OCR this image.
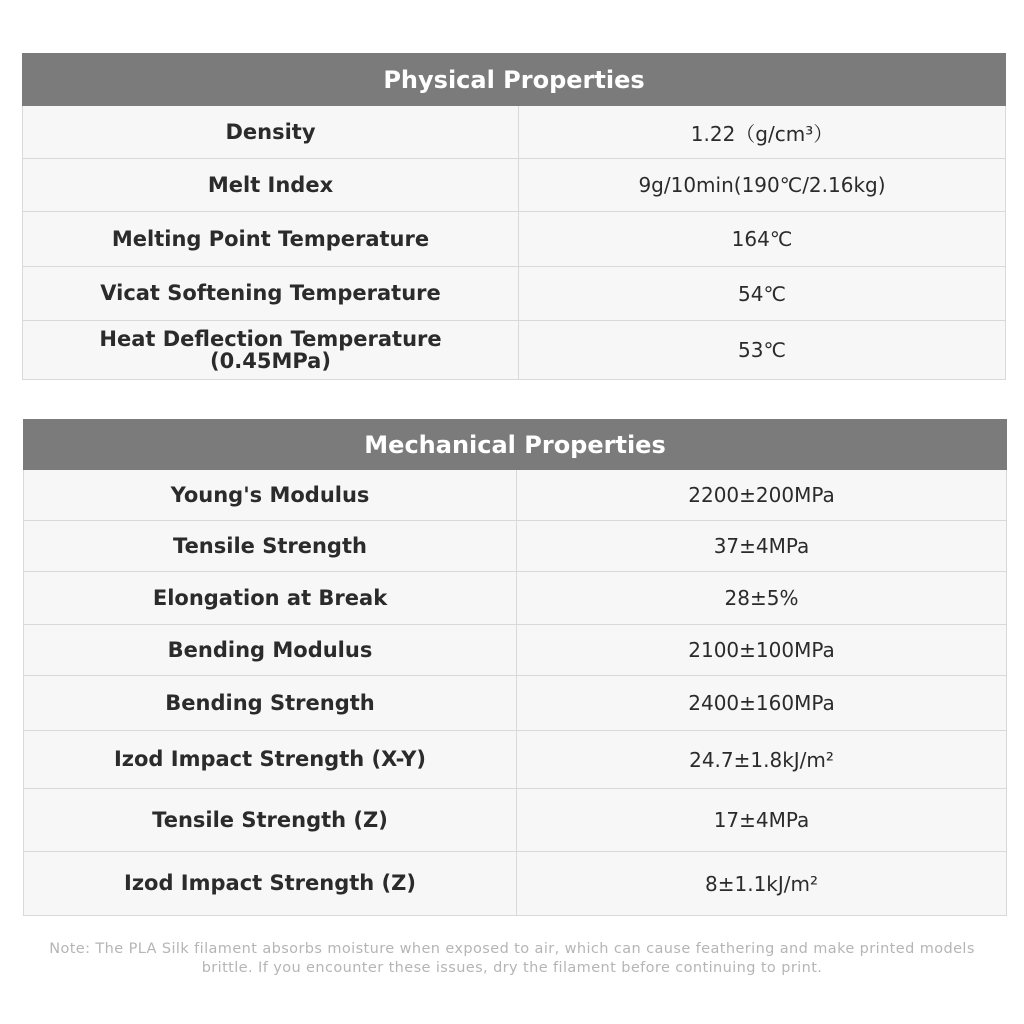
Physical Properties	
Density	1.22（g/cm³）
Melt Index	9g/10min(190℃/2.16kg)
Melting Point Temperature	164℃
Vicat Softening Temperature	54℃
Heat Deflection Temperature
(0.45MPa)	53℃
Mechanical Properties	
Young's Modulus	2200±200MPa
Tensile Strength	37±4MPa
Elongation at Break	28±5%
Bending Modulus	2100±100MPa
Bending Strength	2400±160MPa
Izod Impact Strength (X-Y)	24.7±1.8kJ/m²
Tensile Strength (Z)	17±4MPa
Izod Impact Strength (Z)	8±1.1kJ/m²
Note: The PLA Silk filament absorbs moisture when exposed to air, which can cause feathering and make printed models brittle. If you encounter these issues, dry the filament before continuing to print.
